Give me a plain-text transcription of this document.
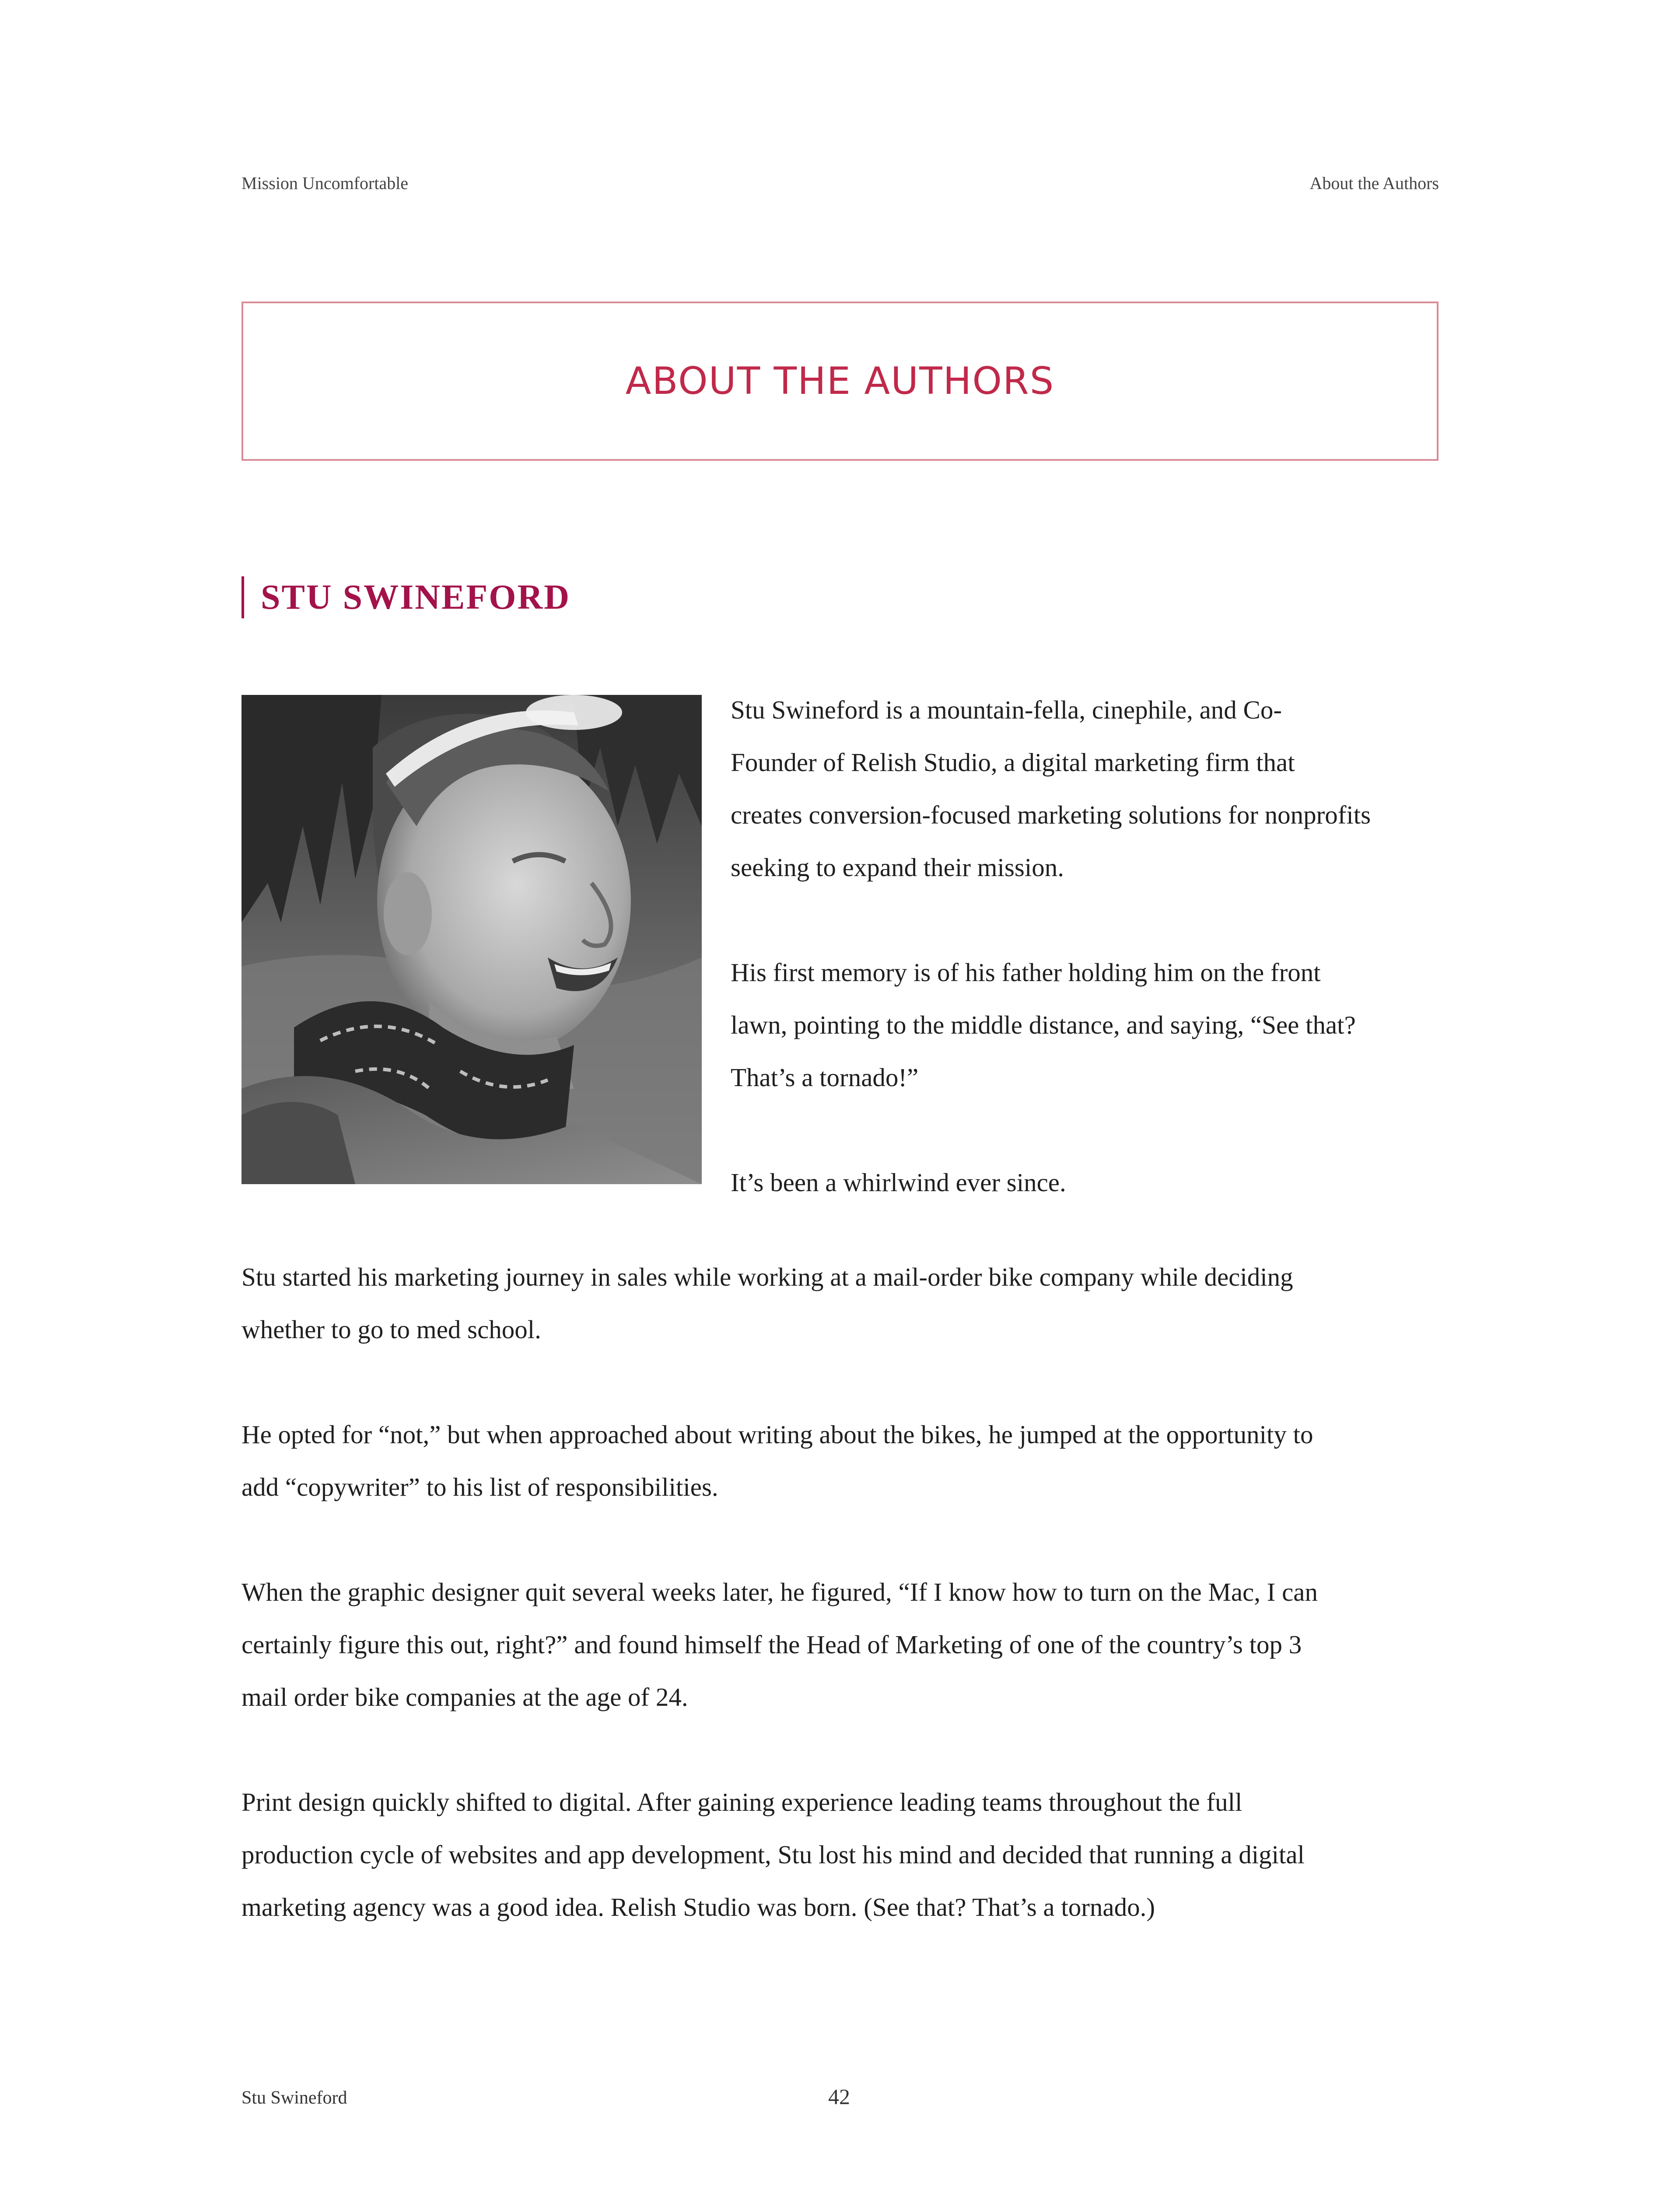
Mission Uncomfortable	About the Authors
ABOUT THE AUTHORS
STU SWINEFORD

Stu Swineford is a mountain-fella, cinephile, and Co-
Founder of Relish Studio, a digital marketing firm that
creates conversion-focused marketing solutions for nonprofits
seeking to expand their mission.

His first memory is of his father holding him on the front
lawn, pointing to the middle distance, and saying, “See that?
That’s a tornado!”

It’s been a whirlwind ever since.

Stu started his marketing journey in sales while working at a mail-order bike company while deciding
whether to go to med school.

He opted for “not,” but when approached about writing about the bikes, he jumped at the opportunity to
add “copywriter” to his list of responsibilities.

When the graphic designer quit several weeks later, he figured, “If I know how to turn on the Mac, I can
certainly figure this out, right?” and found himself the Head of Marketing of one of the country’s top 3
mail order bike companies at the age of 24.

Print design quickly shifted to digital. After gaining experience leading teams throughout the full
production cycle of websites and app development, Stu lost his mind and decided that running a digital
marketing agency was a good idea. Relish Studio was born. (See that? That’s a tornado.)

Stu Swineford	42
